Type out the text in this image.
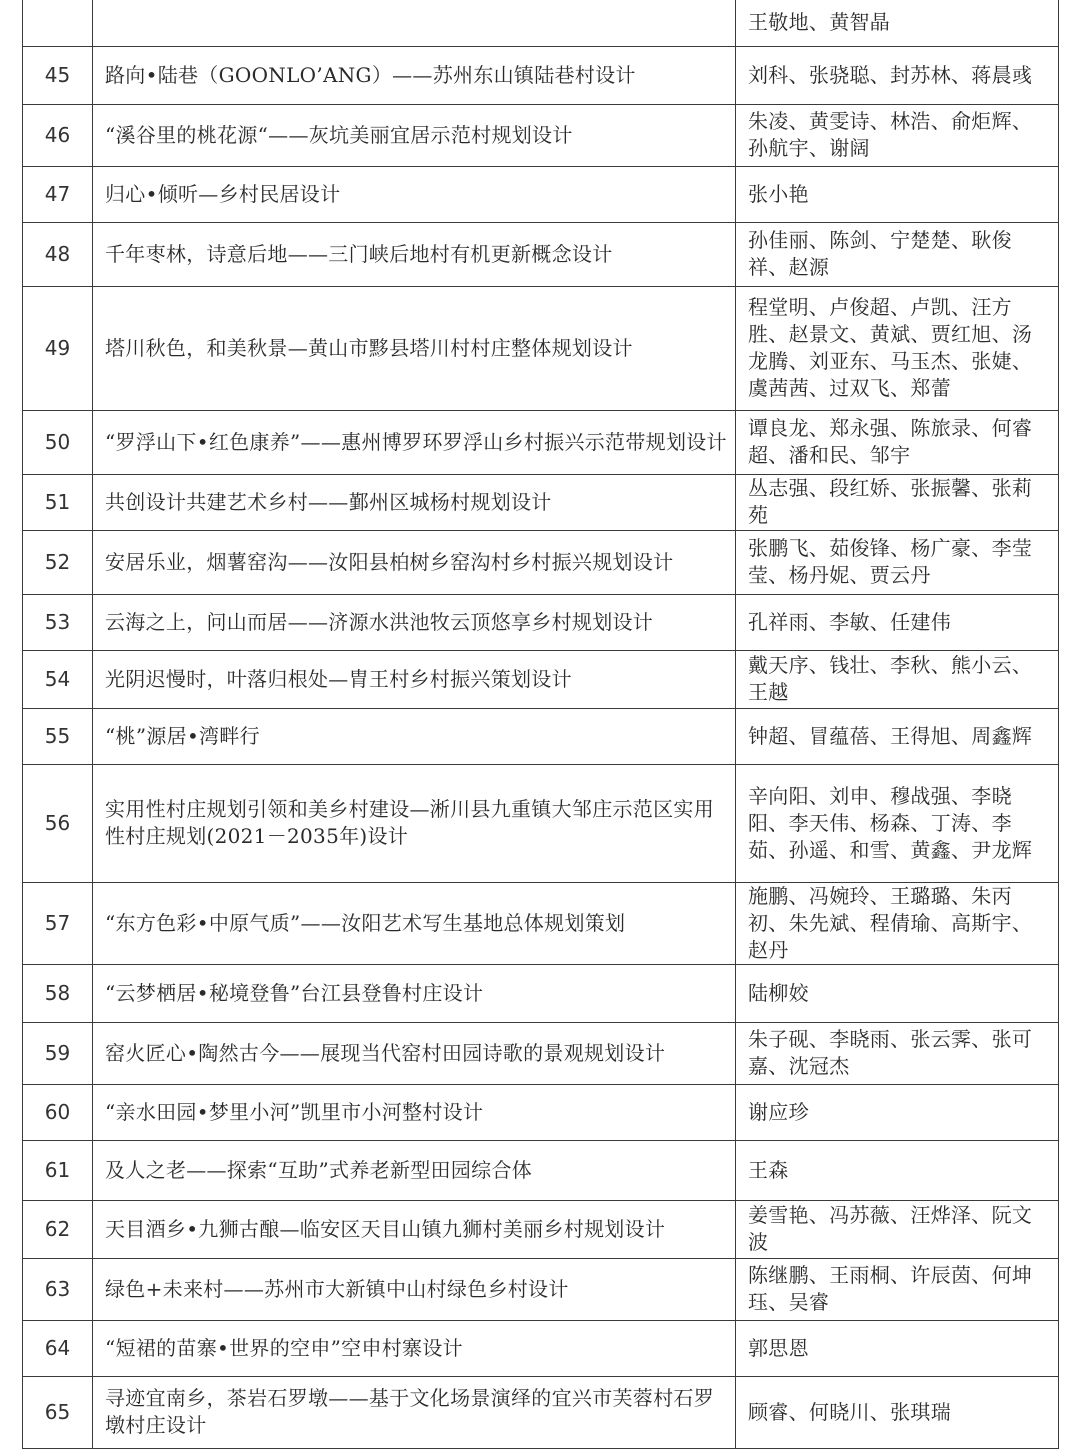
		王敬地、黄智晶
45	路向•陆巷（GOONLO’ANG）——苏州东山镇陆巷村设计	刘科、张骁聪、封苏林、蒋晨彧
46	“溪谷里的桃花源“——灰坑美丽宜居示范村规划设计	朱凌、黄雯诗、林浩、俞炬辉、孙航宇、谢阔
47	归心•倾听—乡村民居设计	张小艳
48	千年枣林，诗意后地——三门峡后地村有机更新概念设计	孙佳丽、陈剑、宁楚楚、耿俊祥、赵源
49	塔川秋色，和美秋景—黄山市黟县塔川村村庄整体规划设计	程堂明、卢俊超、卢凯、汪方胜、赵景文、黄斌、贾红旭、汤龙腾、刘亚东、马玉杰、张婕、虞茜茜、过双飞、郑蕾
50	“罗浮山下•红色康养”——惠州博罗环罗浮山乡村振兴示范带规划设计	谭良龙、郑永强、陈旅录、何睿超、潘和民、邹宇
51	共创设计共建艺术乡村——鄞州区城杨村规划设计	丛志强、段红娇、张振馨、张莉苑
52	安居乐业，烟薯窑沟——汝阳县柏树乡窑沟村乡村振兴规划设计	张鹏飞、茹俊锋、杨广豪、李莹莹、杨丹妮、贾云丹
53	云海之上，问山而居——济源水洪池牧云顶悠享乡村规划设计	孔祥雨、李敏、任建伟
54	光阴迟慢时，叶落归根处—胄王村乡村振兴策划设计	戴天序、钱壮、李秋、熊小云、王越
55	“桃”源居•湾畔行	钟超、冒蕴蓓、王得旭、周鑫辉
56	实用性村庄规划引领和美乡村建设—淅川县九重镇大邹庄示范区实用性村庄规划(2021－2035年)设计	辛向阳、刘申、穆战强、李晓阳、李天伟、杨森、丁涛、李茹、孙遥、和雪、黄鑫、尹龙辉
57	“东方色彩•中原气质”——汝阳艺术写生基地总体规划策划	施鹏、冯婉玲、王璐璐、朱丙初、朱先斌、程倩瑜、高斯宇、赵丹
58	“云梦栖居•秘境登鲁”台江县登鲁村庄设计	陆柳姣
59	窑火匠心•陶然古今——展现当代窑村田园诗歌的景观规划设计	朱子砚、李晓雨、张云霁、张可嘉、沈冠杰
60	“亲水田园•梦里小河”凯里市小河整村设计	谢应珍
61	及人之老——探索“互助”式养老新型田园综合体	王森
62	天目酒乡•九狮古酿—临安区天目山镇九狮村美丽乡村规划设计	姜雪艳、冯苏薇、汪烨泽、阮文波
63	绿色+未来村——苏州市大新镇中山村绿色乡村设计	陈继鹏、王雨桐、许辰茵、何坤珏、吴睿
64	“短裙的苗寨•世界的空申”空申村寨设计	郭思恩
65	寻迹宜南乡，茶岩石罗墩——基于文化场景演绎的宜兴市芙蓉村石罗墩村庄设计	顾睿、何晓川、张琪瑞
